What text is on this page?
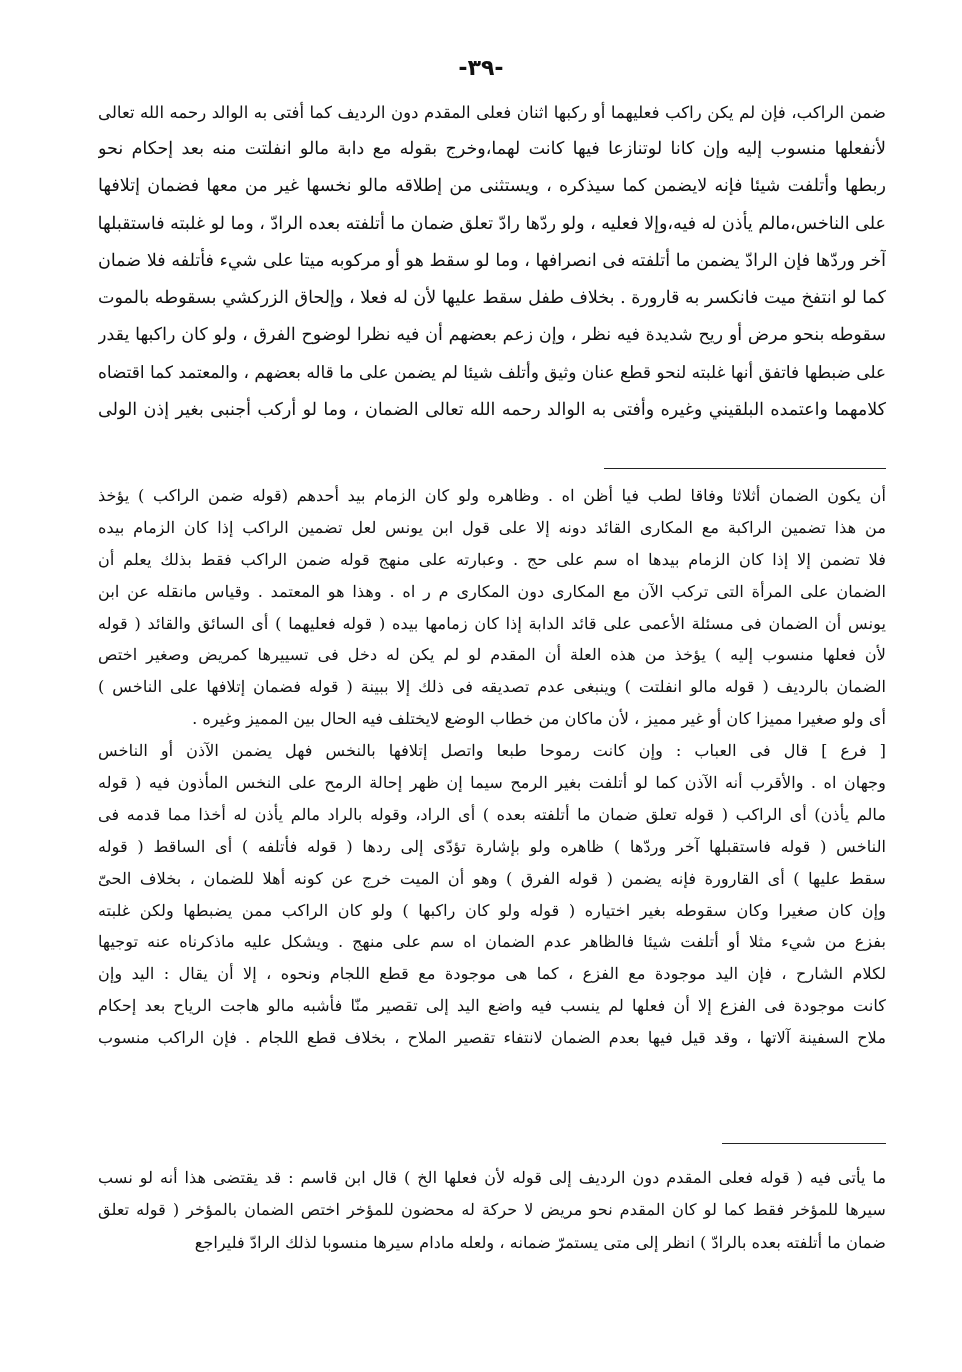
-٣٩-
ضمن الراكب، فإن لم يكن راكب فعليهما أو ركبها اثنان فعلى المقدم دون الرديف كما أفتى به الوالد رحمه الله تعالى
لأنفعلها منسوب إليه وإن كانا لوتنازعا فيها كانت لهما،وخرج بقوله مع دابة مالو انفلتت منه بعد إحكام نحو
ربطها وأتلفت شيئا فإنه لايضمن كما سيذكره ، ويستثنى من إطلاقه مالو نخسها غير من معها فضمان إتلافها
على الناخس،مالم يأذن له فيه،وإلا فعليه ، ولو ردّها رادّ تعلق ضمان ما أتلفته بعده الرادّ ، وما لو غلبته فاستقبلها
آخر وردّها فإن الرادّ يضمن ما أتلفته فى انصرافها ، وما لو سقط هو أو مركوبه ميتا على شيء فأتلفه فلا ضمان
كما لو انتفخ ميت فانكسر به قارورة . بخلاف طفل سقط عليها لأن له فعلا ، وإلحاق الزركشي بسقوطه بالموت
سقوطه بنحو مرض أو ريح شديدة فيه نظر ، وإن زعم بعضهم أن فيه نظرا لوضوح الفرق ، ولو كان راكبها يقدر
على ضبطها فاتفق أنها غلبته لنحو قطع عنان وثيق وأتلف شيئا لم يضمن على ما قاله بعضهم ، والمعتمد كما اقتضاه
كلامهما واعتمده البلقيني وغيره وأفتى به الوالد رحمه الله تعالى الضمان ، وما لو أركب أجنبى بغير إذن الولى
أن يكون الضمان أثلاثا وفاقا لطب فيا أظن اه . وظاهره ولو كان الزمام بيد أحدهم (قوله ضمن الراكب ) يؤخذ
من هذا تضمين الراكبة مع المكارى القائد دونه إلا على قول ابن يونس لعل تضمين الراكب إذا كان الزمام بيده
فلا تضمن إلا إذا كان الزمام بيدها اه سم على حج . وعبارته على منهج قوله ضمن الراكب فقط بذلك يعلم أن
الضمان على المرأة التى تركب الآن مع المكارى دون المكارى م ر اه . وهذا هو المعتمد . وقياس مانقله عن ابن
يونس أن الضمان فى مسئلة الأعمى على قائد الدابة إذا كان زمامها بيده ( قوله فعليهما ) أى السائق والقائد ( قوله
لأن فعلها منسوب إليه ) يؤخذ من هذه العلة أن المقدم لو لم يكن له دخل فى تسييرها كمريض وصغير اختص
الضمان بالرديف ( قوله مالو انفلتت ) وينبغى عدم تصديقه فى ذلك إلا ببينة ( قوله فضمان إتلافها على الناخس )
أى ولو صغيرا مميزا كان أو غير مميز ، لأن ماكان من خطاب الوضع لايختلف فيه الحال بين المميز وغيره .
[ فرع ] قال فى العباب : وإن كانت رموحا طبعا واتصل إتلافها بالنخس فهل يضمن الآذن أو الناخس
وجهان اه . والأقرب أنه الآذن كما لو أتلفت بغير الرمح سيما إن ظهر إحالة الرمح على النخس المأذون فيه ( قوله
مالم يأذن) أى الراكب ( قوله تعلق ضمان ما أتلفته بعده ) أى الراد، وقوله بالراد مالم يأذن له أخذا مما قدمه فى
الناخس ( قوله فاستقبلها آخر وردّها ) ظاهره ولو بإشارة تؤدّى إلى ردها ( قوله فأتلفه ) أى الساقط ( قوله
سقط عليها ) أى القارورة فإنه يضمن ( قوله الفرق ) وهو أن الميت خرج عن كونه أهلا للضمان ، بخلاف الحىّ
وإن كان صغيرا وكان سقوطه بغير اختياره ( قوله ولو كان راكبها ) ولو كان الراكب ممن يضبطها ولكن غلبته
بفزع من شيء مثلا أو أتلفت شيئا فالظاهر عدم الضمان اه سم على منهج . ويشكل عليه ماذكرناه عنه توجيها
لكلام الشارح ، فإن اليد موجودة مع الفزع ، كما هى موجودة مع قطع اللجام ونحوه ، إلا أن يقال : اليد وإن
كانت موجودة فى الفزع إلا أن فعلها لم ينسب فيه واضع اليد إلى تقصير منّا فأشبه مالو هاجت الرياح بعد إحكام
ملاح السفينة آلاتها ، وقد قيل فيها بعدم الضمان لانتفاء تقصير الملاح ، بخلاف قطع اللجام . فإن الراكب منسوب
ما يأتى فيه ( قوله فعلى المقدم دون الرديف إلى قوله لأن فعلها الخ ) قال ابن قاسم : قد يقتضى هذا أنه لو نسب
سيرها للمؤخر فقط كما لو كان المقدم نحو مريض لا حركة له محضون للمؤخر اختص الضمان بالمؤخر ( قوله تعلق
ضمان ما أتلفته بعده بالرادّ ) انظر إلى متى يستمرّ ضمانه ، ولعله مادام سيرها منسوبا لذلك الرادّ فليراجع
